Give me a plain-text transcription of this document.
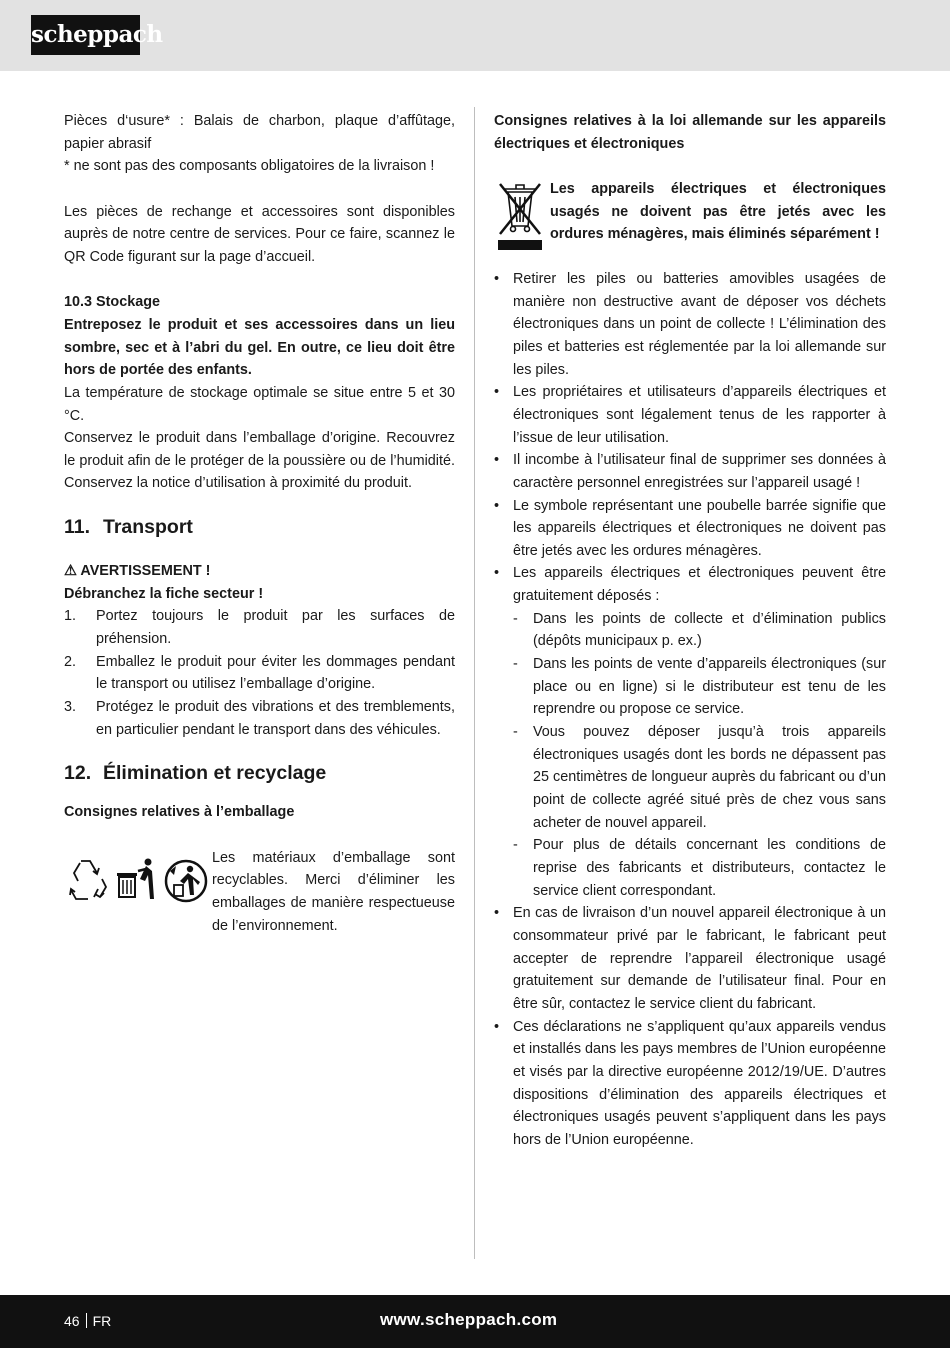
scheppach

Pièces d‘usure* : Balais de charbon, plaque d’affûtage, papier abrasif

* ne sont pas des composants obligatoires de la livraison !

Les pièces de rechange et accessoires sont disponibles auprès de notre centre de services. Pour ce faire, scannez le QR Code figurant sur la page d’accueil.

10.3 Stockage

Entreposez le produit et ses accessoires dans un lieu sombre, sec et à l’abri du gel. En outre, ce lieu doit être hors de portée des enfants.

La température de stockage optimale se situe entre 5 et 30 °C.

Conservez le produit dans l’emballage d’origine. Recouvrez le produit afin de le protéger de la poussière ou de l’humidité. Conservez la notice d’utilisation à proximité du produit.

11. Transport

⚠ AVERTISSEMENT !

Débranchez la fiche secteur !

1. Portez toujours le produit par les surfaces de préhension.
2. Emballez le produit pour éviter les dommages pendant le transport ou utilisez l’emballage d’origine.
3. Protégez le produit des vibrations et des tremblements, en particulier pendant le transport dans des véhicules.
12. Élimination et recyclage

Consignes relatives à l’emballage

Les matériaux d’emballage sont recyclables. Merci d’éliminer les emballages de manière respectueuse de l’environnement.

Consignes relatives à la loi allemande sur les appareils électriques et électroniques

Les appareils électriques et électroniques usagés ne doivent pas être jetés avec les ordures ménagères, mais éliminés séparément !

• Retirer les piles ou batteries amovibles usagées de manière non destructive avant de déposer vos déchets électroniques dans un point de collecte ! L’élimination des piles et batteries est réglementée par la loi allemande sur les piles.
• Les propriétaires et utilisateurs d’appareils électriques et électroniques sont légalement tenus de les rapporter à l’issue de leur utilisation.
• Il incombe à l’utilisateur final de supprimer ses données à caractère personnel enregistrées sur l’appareil usagé !
• Le symbole représentant une poubelle barrée signifie que les appareils électriques et électroniques ne doivent pas être jetés avec les ordures ménagères.
• Les appareils électriques et électroniques peuvent être gratuitement déposés :
- Dans les points de collecte et d’élimination publics (dépôts municipaux p. ex.)
- Dans les points de vente d’appareils électroniques (sur place ou en ligne) si le distributeur est tenu de les reprendre ou propose ce service.
- Vous pouvez déposer jusqu’à trois appareils électroniques usagés dont les bords ne dépassent pas 25 centimètres de longueur auprès du fabricant ou d’un point de collecte agréé situé près de chez vous sans acheter de nouvel appareil.
- Pour plus de détails concernant les conditions de reprise des fabricants et distributeurs, contactez le service client correspondant.
• En cas de livraison d’un nouvel appareil électronique à un consommateur privé par le fabricant, le fabricant peut accepter de reprendre l’appareil électronique usagé gratuitement sur demande de l’utilisateur final. Pour en être sûr, contactez le service client du fabricant.
• Ces déclarations ne s’appliquent qu’aux appareils vendus et installés dans les pays membres de l’Union européenne et visés par la directive européenne 2012/19/UE. D’autres dispositions d’élimination des appareils électriques et électroniques usagés peuvent s’appliquent dans les pays hors de l’Union européenne.
46 FR	www.scheppach.com
